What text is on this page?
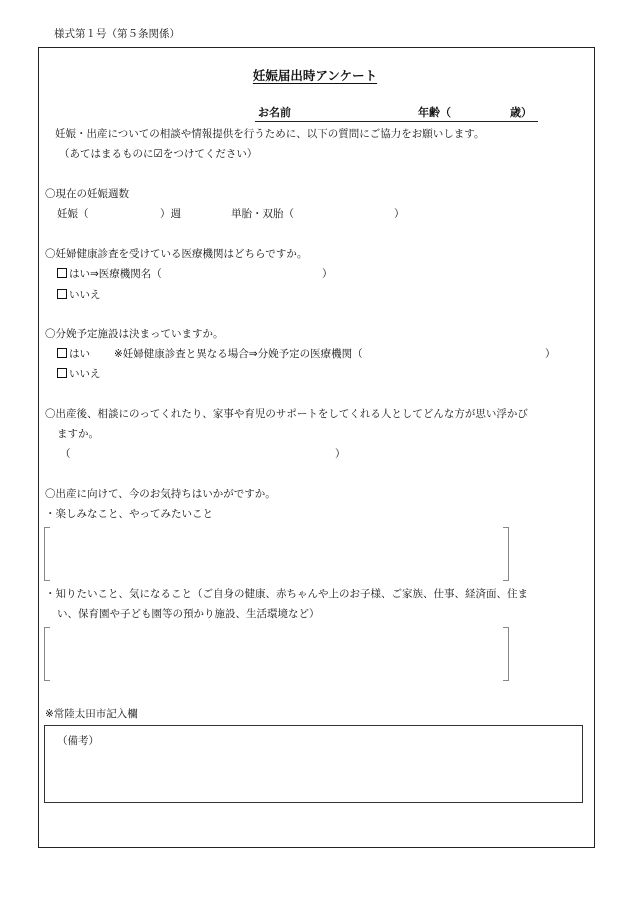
様式第１号（第５条関係）
妊娠届出時アンケート
お名前	年齢（	歳）
妊娠・出産についての相談や情報提供を行うために、以下の質問にご協力をお願いします。
（あてはまるものに☑をつけてください）
〇現在の妊娠週数
妊娠（	）週	単胎・双胎（	）
〇妊婦健康診査を受けている医療機関はどちらですか。
はい⇒医療機関名（	）
いいえ
〇分娩予定施設は決まっていますか。
はい ※妊婦健康診査と異なる場合⇒分娩予定の医療機関（	）
いいえ
〇出産後、相談にのってくれたり、家事や育児のサポートをしてくれる人としてどんな方が思い浮かび
ますか。
（	）
〇出産に向けて、今のお気持ちはいかがですか。
・楽しみなこと、やってみたいこと
・知りたいこと、気になること（ご自身の健康、赤ちゃんや上のお子様、ご家族、仕事、経済面、住ま
い、保育園や子ども園等の預かり施設、生活環境など）
※常陸太田市記入欄
（備考）
